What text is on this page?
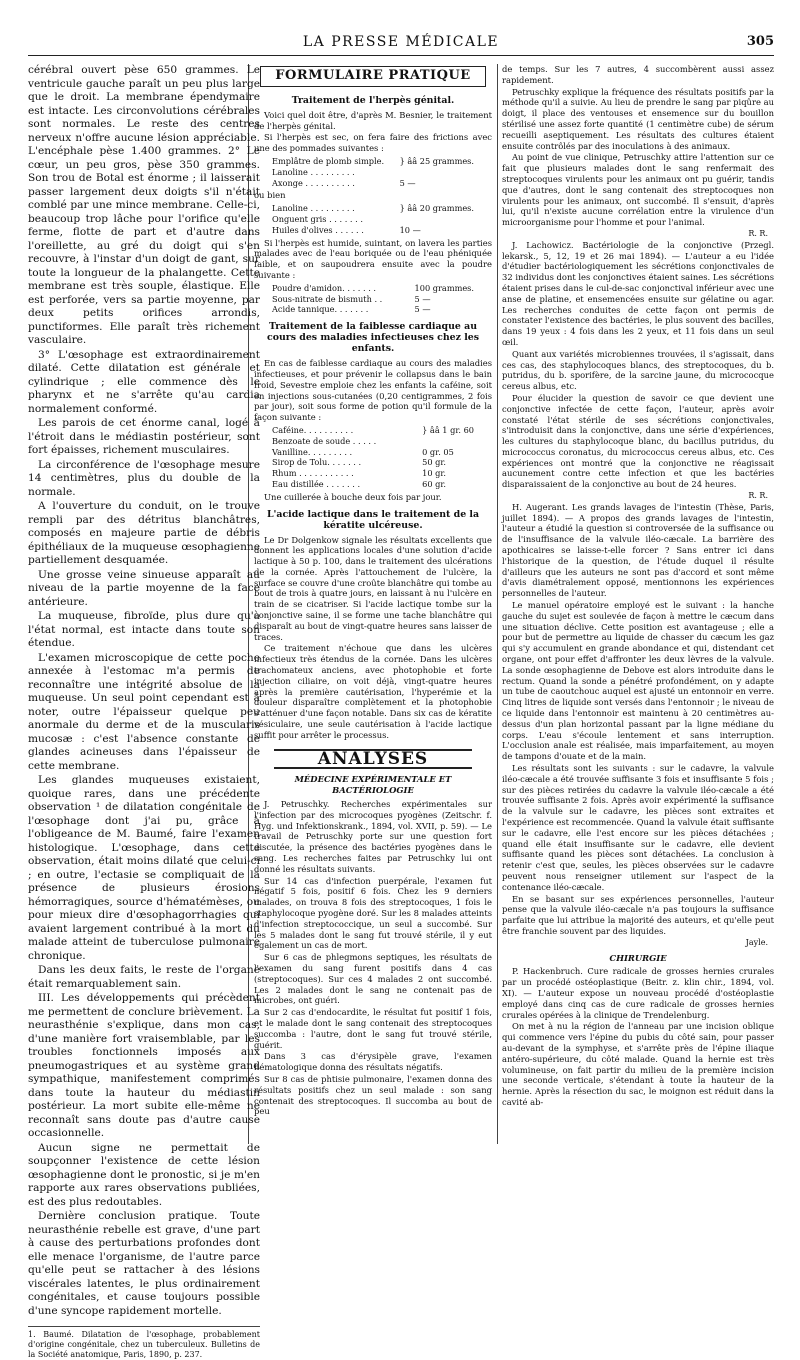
LA PRESSE MÉDICALE	305

cérébral ouvert pèse 650 grammes. Le ventricule gauche paraît un peu plus large que le droit. La membrane épendymaire est intacte. Les circonvolutions cérébrales sont normales. Le reste des centres nerveux n'offre aucune lésion appréciable. L'encéphale pèse 1.400 grammes. 2° Le cœur, un peu gros, pèse 350 grammes. Son trou de Botal est énorme ; il laisserait passer largement deux doigts s'il n'était comblé par une mince membrane. Celle-ci, beaucoup trop lâche pour l'orifice qu'elle ferme, flotte de part et d'autre dans l'oreillette, au gré du doigt qui s'en recouvre, à l'instar d'un doigt de gant, sur toute la longueur de la phalangette. Cette membrane est très souple, élastique. Elle est perforée, vers sa partie moyenne, par deux petits orifices arrondis, punctiformes. Elle paraît très richement vasculaire.

3° L'œsophage est extraordinairement dilaté. Cette dilatation est générale et cylindrique ; elle commence dès le pharynx et ne s'arrête qu'au cardia normalement conformé.

Les parois de cet énorme canal, logé à l'étroit dans le médiastin postérieur, sont fort épaisses, richement musculaires.

La circonférence de l'œsophage mesure 14 centimètres, plus du double de la normale.

A l'ouverture du conduit, on le trouve rempli par des détritus blanchâtres, composés en majeure partie de débris épithéliaux de la muqueuse œsophagienne partiellement desquamée.

Une grosse veine sinueuse apparaît au niveau de la partie moyenne de la face antérieure.

La muqueuse, fibroïde, plus dure qu'à l'état normal, est intacte dans toute son étendue.

L'examen microscopique de cette poche annexée à l'estomac m'a permis de reconnaître une intégrité absolue de la muqueuse. Un seul point cependant est à noter, outre l'épaisseur quelque peu anormale du derme et de la muscularis mucosæ : c'est l'absence constante de glandes acineuses dans l'épaisseur de cette membrane.

Les glandes muqueuses existaient, quoique rares, dans une précédente observation ¹ de dilatation congénitale de l'œsophage dont j'ai pu, grâce à l'obligeance de M. Baumé, faire l'examen histologique. L'œsophage, dans cette observation, était moins dilaté que celui-ci ; en outre, l'ectasie se compliquait de la présence de plusieurs érosions hémorragiques, source d'hématémèses, ou pour mieux dire d'œsophagorrhagies qui avaient largement contribué à la mort du malade atteint de tuberculose pulmonaire chronique.

Dans les deux faits, le reste de l'organe était remarquablement sain.

III. Les développements qui précèdent me permettent de conclure brièvement. La neurasthénie s'explique, dans mon cas, d'une manière fort vraisemblable, par les troubles fonctionnels imposés aux pneumogastriques et au système grand sympathique, manifestement comprimés dans toute la hauteur du médiastin postérieur. La mort subite elle-même ne reconnaît sans doute pas d'autre cause occasionnelle.

Aucun signe ne permettait de soupçonner l'existence de cette lésion œsophagienne dont le pronostic, si je m'en rapporte aux rares observations publiées, est des plus redoutables.

Dernière conclusion pratique. Toute neurasthénie rebelle est grave, d'une part à cause des perturbations profondes dont elle menace l'organisme, de l'autre parce qu'elle peut se rattacher à des lésions viscérales latentes, le plus ordinairement congénitales, et cause toujours possible d'une syncope rapidement mortelle.

1. Baumé. Dilatation de l'œsophage, probablement d'origine congénitale, chez un tuberculeux. Bulletins de la Société anatomique, Paris, 1890, p. 237.
FORMULAIRE PRATIQUE
Traitement de l'herpès génital.

Voici quel doit être, d'après M. Besnier, le traitement de l'herpès génital.

Si l'herpès est sec, on fera faire des frictions avec une des pommades suivantes :

Emplâtre de plomb simple.	} ââ 25 grammes.
Lanoline . . . . . . . . .
Axonge . . . . . . . . . .	5 —

ou bien

Lanoline . . . . . . . . .	} ââ 20 grammes.
Onguent gris . . . . . . .
Huiles d'olives . . . . . .	10 —

Si l'herpès est humide, suintant, on lavera les parties malades avec de l'eau boriquée ou de l'eau phéniquée faible, et on saupoudrera ensuite avec la poudre suivante :

Poudre d'amidon. . . . . . .	100 grammes.
Sous-nitrate de bismuth . .	5 —
Acide tannique. . . . . . .	5 —
Traitement de la faiblesse cardiaque au cours des maladies infectieuses chez les enfants.

En cas de faiblesse cardiaque au cours des maladies infectieuses, et pour prévenir le collapsus dans le bain froid, Sevestre emploie chez les enfants la caféine, soit en injections sous-cutanées (0,20 centigrammes, 2 fois par jour), soit sous forme de potion qu'il formule de la façon suivante :

Caféine. . . . . . . . . .	} ââ 1 gr. 60
Benzoate de soude . . . . .
Vanilline. . . . . . . . .	0 gr. 05
Sirop de Tolu. . . . . . .	50 gr.
Rhum . . . . . . . . . . .	10 gr.
Eau distillée . . . . . . .	60 gr.

Une cuillerée à bouche deux fois par jour.

L'acide lactique dans le traitement de la kératite ulcéreuse.

Le Dr Dolgenkow signale les résultats excellents que donnent les applications locales d'une solution d'acide lactique à 50 p. 100, dans le traitement des ulcérations de la cornée. Après l'attouchement de l'ulcère, la surface se couvre d'une croûte blanchâtre qui tombe au bout de trois à quatre jours, en laissant à nu l'ulcère en train de se cicatriser. Si l'acide lactique tombe sur la conjonctive saine, il se forme une tache blanchâtre qui disparaît au bout de vingt-quatre heures sans laisser de traces.

Ce traitement n'échoue que dans les ulcères infectieux très étendus de la cornée. Dans les ulcères trachomateux anciens, avec photophobie et forte injection ciliaire, on voit déjà, vingt-quatre heures après la première cautérisation, l'hyperémie et la douleur disparaître complètement et la photophobie s'atténuer d'une façon notable. Dans six cas de kératite vésiculaire, une seule cautérisation à l'acide lactique suffit pour arrêter le processus.

ANALYSES
MÉDECINE EXPÉRIMENTALE ET BACTÉRIOLOGIE

J. Petruschky. Recherches expérimentales sur l'infection par des microcoques pyogènes (Zeitschr. f. Hyg. und Infektionskrank., 1894, vol. XVII, p. 59). — Le travail de Petruschky porte sur une question fort discutée, la présence des bactéries pyogènes dans le sang. Les recherches faites par Petruschky lui ont donné les résultats suivants.

Sur 14 cas d'infection puerpérale, l'examen fut négatif 5 fois, positif 6 fois. Chez les 9 derniers malades, on trouva 8 fois des streptocoques, 1 fois le staphylocoque pyogène doré. Sur les 8 malades atteints d'infection streptococcique, un seul a succombé. Sur les 5 malades dont le sang fut trouvé stérile, il y eut également un cas de mort.

Sur 6 cas de phlegmons septiques, les résultats de l'examen du sang furent positifs dans 4 cas (streptocoques). Sur ces 4 malades 2 ont succombé. Les 2 malades dont le sang ne contenait pas de microbes, ont guéri.

Sur 2 cas d'endocardite, le résultat fut positif 1 fois, et le malade dont le sang contenait des streptocoques succomba : l'autre, dont le sang fut trouvé stérile, guérit.

Dans 3 cas d'érysipèle grave, l'examen hématologique donna des résultats négatifs.

Sur 8 cas de phtisie pulmonaire, l'examen donna des résultats positifs chez un seul malade : son sang contenait des streptocoques. Il succomba au bout de peu

de temps. Sur les 7 autres, 4 succombèrent aussi assez rapidement.

Petruschky explique la fréquence des résultats positifs par la méthode qu'il a suivie. Au lieu de prendre le sang par piqûre au doigt, il place des ventouses et ensemence sur du bouillon stérilisé une assez forte quantité (1 centimètre cube) de sérum recueilli aseptiquement. Les résultats des cultures étaient ensuite contrôlés par des inoculations à des animaux.

Au point de vue clinique, Petruschky attire l'attention sur ce fait que plusieurs malades dont le sang renfermait des streptocoques virulents pour les animaux ont pu guérir, tandis que d'autres, dont le sang contenait des streptocoques non virulents pour les animaux, ont succombé. Il s'ensuit, d'après lui, qu'il n'existe aucune corrélation entre la virulence d'un microorganisme pour l'homme et pour l'animal.

R. R.

J. Lachowicz. Bactériologie de la conjonctive (Przegl. lekarsk., 5, 12, 19 et 26 mai 1894). — L'auteur a eu l'idée d'étudier bactériologiquement les sécrétions conjonctivales de 32 individus dont les conjonctives étaient saines. Les sécrétions étaient prises dans le cul-de-sac conjonctival inférieur avec une anse de platine, et ensemencées ensuite sur gélatine ou agar. Les recherches conduites de cette façon ont permis de constater l'existence des bactéries, le plus souvent des bacilles, dans 19 yeux : 4 fois dans les 2 yeux, et 11 fois dans un seul œil.

Quant aux variétés microbiennes trouvées, il s'agissait, dans ces cas, des staphylocoques blancs, des streptocoques, du b. putridus, du b. sporifère, de la sarcine jaune, du micrococque cereus albus, etc.

Pour élucider la question de savoir ce que devient une conjonctive infectée de cette façon, l'auteur, après avoir constaté l'état stérile de ses sécrétions conjonctivales, s'introduisit dans la conjonctive, dans une série d'expériences, les cultures du staphylocoque blanc, du bacillus putridus, du micrococcus coronatus, du micrococcus cereus albus, etc. Ces expériences ont montré que la conjonctive ne réagissait aucunement contre cette infection et que les bactéries disparaissaient de la conjonctive au bout de 24 heures.

R. R.

H. Augerant. Les grands lavages de l'intestin (Thèse, Paris, juillet 1894). — A propos des grands lavages de l'intestin, l'auteur a étudié la question si controversée de la suffisance ou de l'insuffisance de la valvule iléo-cæcale. La barrière des apothicaires se laisse-t-elle forcer ? Sans entrer ici dans l'historique de la question, de l'étude duquel il résulte d'ailleurs que les auteurs ne sont pas d'accord et sont même d'avis diamétralement opposé, mentionnons les expériences personnelles de l'auteur.

Le manuel opératoire employé est le suivant : la hanche gauche du sujet est soulevée de façon à mettre le cæcum dans une situation déclive. Cette position est avantageuse ; elle a pour but de permettre au liquide de chasser du cæcum les gaz qui s'y accumulent en grande abondance et qui, distendant cet organe, ont pour effet d'affronter les deux lèvres de la valvule. La sonde œsophagienne de Debove est alors introduite dans le rectum. Quand la sonde a pénétré profondément, on y adapte un tube de caoutchouc auquel est ajusté un entonnoir en verre. Cinq litres de liquide sont versés dans l'entonnoir ; le niveau de ce liquide dans l'entonnoir est maintenu à 20 centimètres au-dessus d'un plan horizontal passant par la ligne médiane du corps. L'eau s'écoule lentement et sans interruption. L'occlusion anale est réalisée, mais imparfaitement, au moyen de tampons d'ouate et de la main.

Les résultats sont les suivants : sur le cadavre, la valvule iléo-cæcale a été trouvée suffisante 3 fois et insuffisante 5 fois ; sur des pièces retirées du cadavre la valvule iléo-cæcale a été trouvée suffisante 2 fois. Après avoir expérimenté la suffisance de la valvule sur le cadavre, les pièces sont extraites et l'expérience est recommencée. Quand la valvule était suffisante sur le cadavre, elle l'est encore sur les pièces détachées ; quand elle était insuffisante sur le cadavre, elle devient suffisante quand les pièces sont détachées. La conclusion à retenir c'est que, seules, les pièces observées sur le cadavre peuvent nous renseigner utilement sur l'aspect de la contenance iléo-cæcale.

En se basant sur ses expériences personnelles, l'auteur pense que la valvule iléo-cæcale n'a pas toujours la suffisance parfaite que lui attribue la majorité des auteurs, et qu'elle peut être franchie souvent par des liquides.

Jayle.
CHIRURGIE

P. Hackenbruch. Cure radicale de grosses hernies crurales par un procédé ostéoplastique (Beitr. z. klin chir., 1894, vol. XI). — L'auteur expose un nouveau procédé d'ostéoplastie employé dans cinq cas de cure radicale de grosses hernies crurales opérées à la clinique de Trendelenburg.

On met à nu la région de l'anneau par une incision oblique qui commence vers l'épine du pubis du côté sain, pour passer au-devant de la symphyse, et s'arrête près de l'épine iliaque antéro-supérieure, du côté malade. Quand la hernie est très volumineuse, on fait partir du milieu de la première incision une seconde verticale, s'étendant à toute la hauteur de la hernie. Après la résection du sac, le moignon est réduit dans la cavité ab-
